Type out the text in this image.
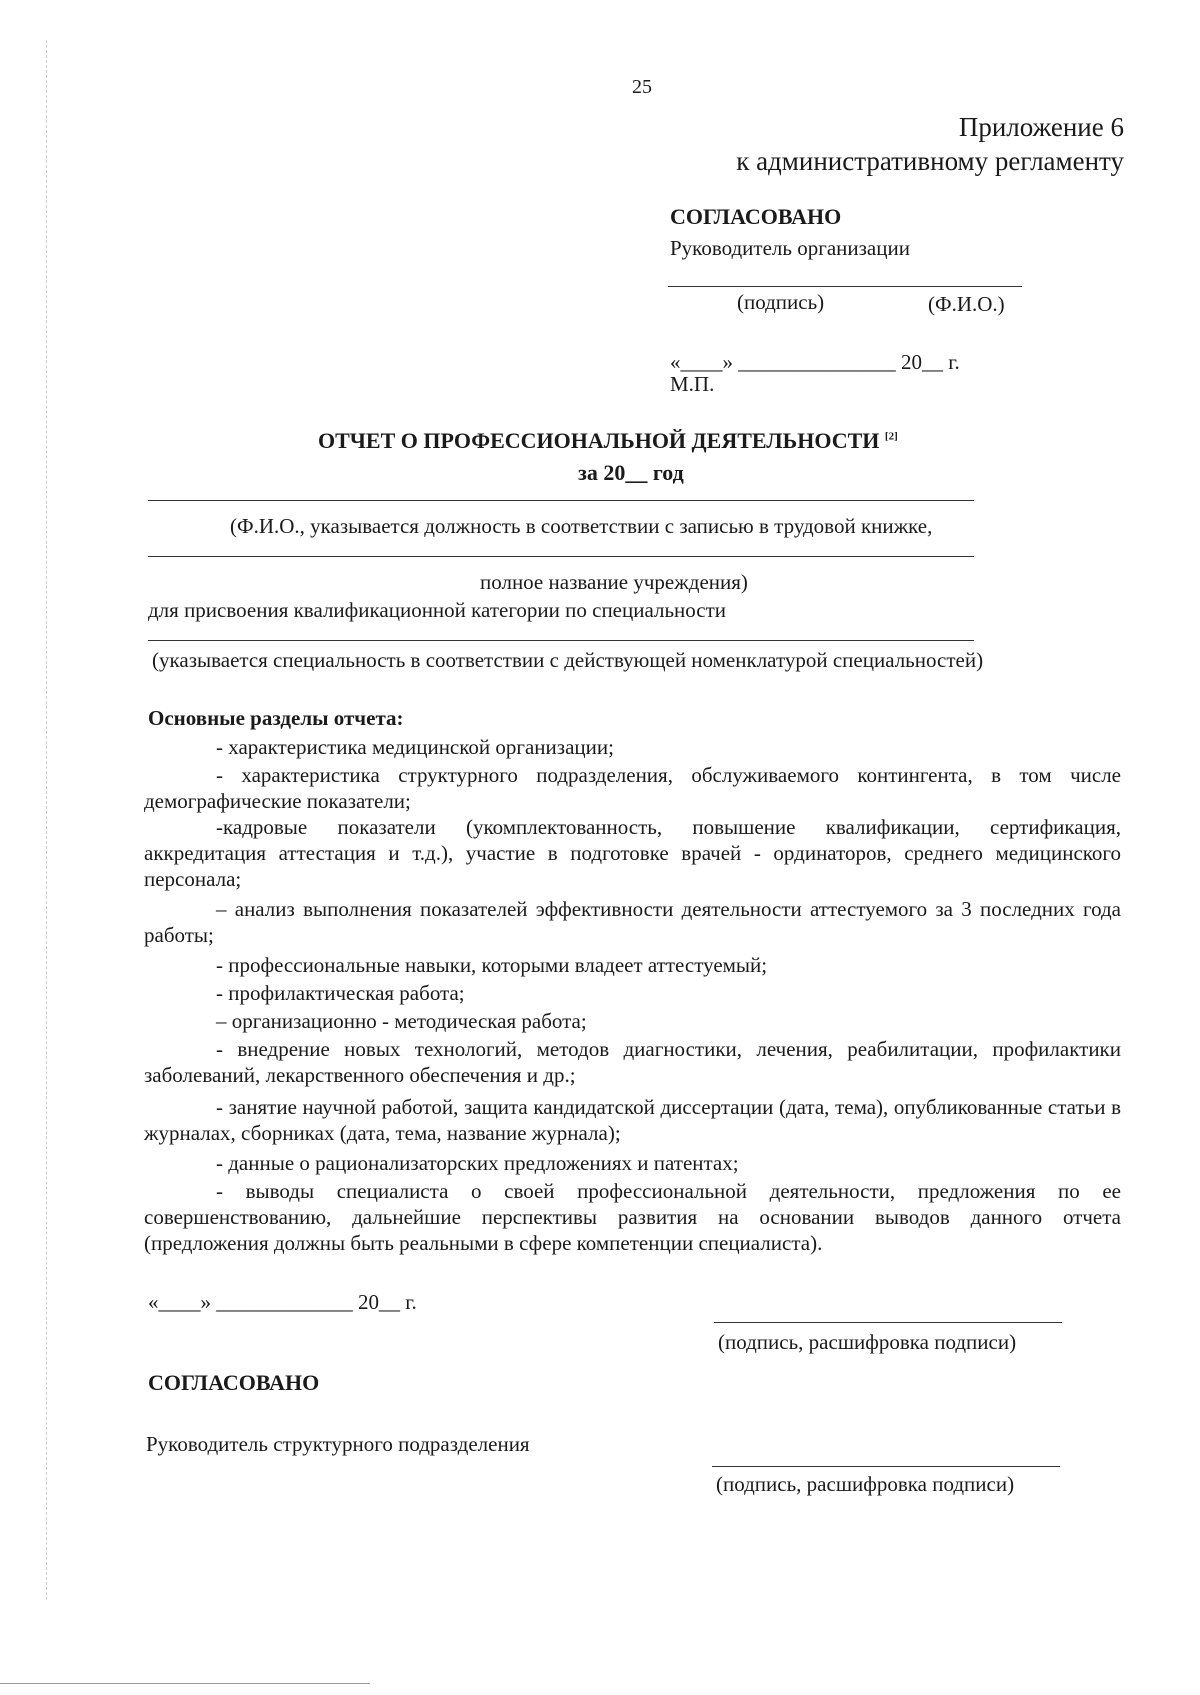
25
Приложение 6
к административному регламенту
СОГЛАСОВАНО
Руководитель организации
(подпись)	(Ф.И.О.)
«____» _______________ 20__ г.
М.П.
ОТЧЕТ О ПРОФЕССИОНАЛЬНОЙ ДЕЯТЕЛЬНОСТИ [2]
за 20__ год
(Ф.И.О., указывается должность в соответствии с записью в трудовой книжке,
полное название учреждения)
для присвоения квалификационной категории по специальности
(указывается специальность в соответствии с действующей номенклатурой специальностей)
Основные разделы отчета:

- характеристика медицинской организации;

- характеристика структурного подразделения, обслуживаемого контингента, в том числе демографические показатели;

-кадровые показатели (укомплектованность, повышение квалификации, сертификация, аккредитация аттестация и т.д.), участие в подготовке врачей - ординаторов, среднего медицинского персонала;

– анализ выполнения показателей эффективности деятельности аттестуемого за 3 последних года работы;

- профессиональные навыки, которыми владеет аттестуемый;

- профилактическая работа;

– организационно - методическая работа;

- внедрение новых технологий, методов диагностики, лечения, реабилитации, профилактики заболеваний, лекарственного обеспечения и др.;

- занятие научной работой, защита кандидатской диссертации (дата, тема), опубликованные статьи в журналах, сборниках (дата, тема, название журнала);

- данные о рационализаторских предложениях и патентах;

- выводы специалиста о своей профессиональной деятельности, предложения по ее совершенствованию, дальнейшие перспективы развития на основании выводов данного отчета (предложения должны быть реальными в сфере компетенции специалиста).

«____» _____________ 20__ г.
(подпись, расшифровка подписи)
СОГЛАСОВАНО
Руководитель структурного подразделения
(подпись, расшифровка подписи)
